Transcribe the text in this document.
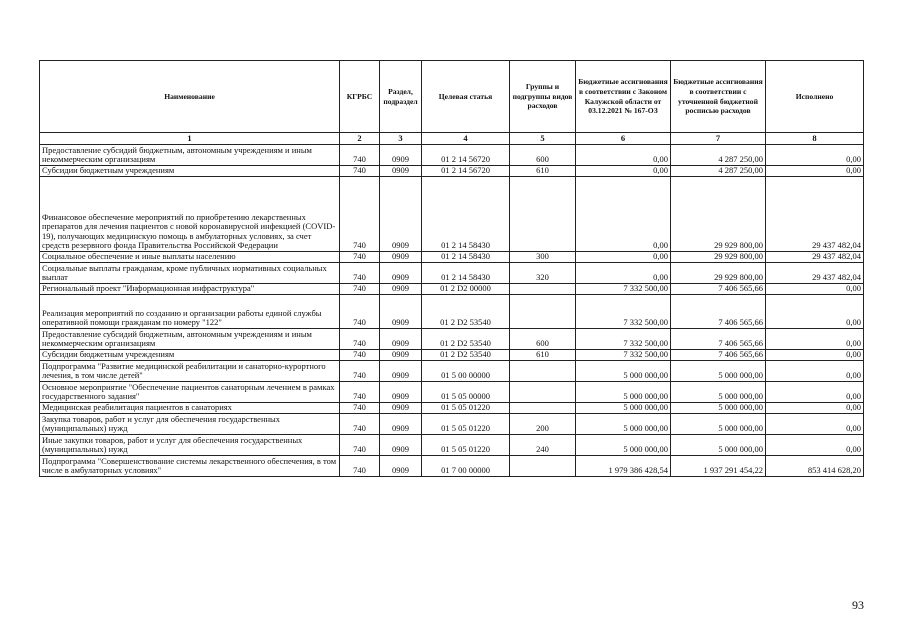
Наименование	КГРБС	Раздел, подраздел	Целевая статья	Группы и подгруппы видов расходов	Бюджетные ассигнования в соответствии с Законом Калужской области от 03.12.2021 № 167-ОЗ	Бюджетные ассигнования в соответствии с уточненной бюджетной росписью расходов	Исполнено
1	2	3	4	5	6	7	8
Предоставление субсидий бюджетным, автономным учреждениям и иным некоммерческим организациям	740	0909	01 2 14 56720	600	0,00	4 287 250,00	0,00
Субсидии бюджетным учреждениям	740	0909	01 2 14 56720	610	0,00	4 287 250,00	0,00
Финансовое обеспечение мероприятий по приобретению лекарственных препаратов для лечения пациентов с новой коронавирусной инфекцией (COVID-19), получающих медицинскую помощь в амбулаторных условиях, за счет средств резервного фонда Правительства Российской Федерации	740	0909	01 2 14 58430		0,00	29 929 800,00	29 437 482,04
Социальное обеспечение и иные выплаты населению	740	0909	01 2 14 58430	300	0,00	29 929 800,00	29 437 482,04
Социальные выплаты гражданам, кроме публичных нормативных социальных выплат	740	0909	01 2 14 58430	320	0,00	29 929 800,00	29 437 482,04
Региональный проект "Информационная инфраструктура"	740	0909	01 2 D2 00000		7 332 500,00	7 406 565,66	0,00
Реализация мероприятий по созданию и организации работы единой службы оперативной помощи гражданам по номеру "122"	740	0909	01 2 D2 53540		7 332 500,00	7 406 565,66	0,00
Предоставление субсидий бюджетным, автономным учреждениям и иным некоммерческим организациям	740	0909	01 2 D2 53540	600	7 332 500,00	7 406 565,66	0,00
Субсидии бюджетным учреждениям	740	0909	01 2 D2 53540	610	7 332 500,00	7 406 565,66	0,00
Подпрограмма "Развитие медицинской реабилитации и санаторно-курортного лечения, в том числе детей"	740	0909	01 5 00 00000		5 000 000,00	5 000 000,00	0,00
Основное мероприятие "Обеспечение пациентов санаторным лечением в рамках государственного задания"	740	0909	01 5 05 00000		5 000 000,00	5 000 000,00	0,00
Медицинская реабилитация пациентов в санаториях	740	0909	01 5 05 01220		5 000 000,00	5 000 000,00	0,00
Закупка товаров, работ и услуг для обеспечения государственных (муниципальных) нужд	740	0909	01 5 05 01220	200	5 000 000,00	5 000 000,00	0,00
Иные закупки товаров, работ и услуг для обеспечения государственных (муниципальных) нужд	740	0909	01 5 05 01220	240	5 000 000,00	5 000 000,00	0,00
Подпрограмма "Совершенствование системы лекарственного обеспечения, в том числе в амбулаторных условиях"	740	0909	01 7 00 00000		1 979 386 428,54	1 937 291 454,22	853 414 628,20
93
